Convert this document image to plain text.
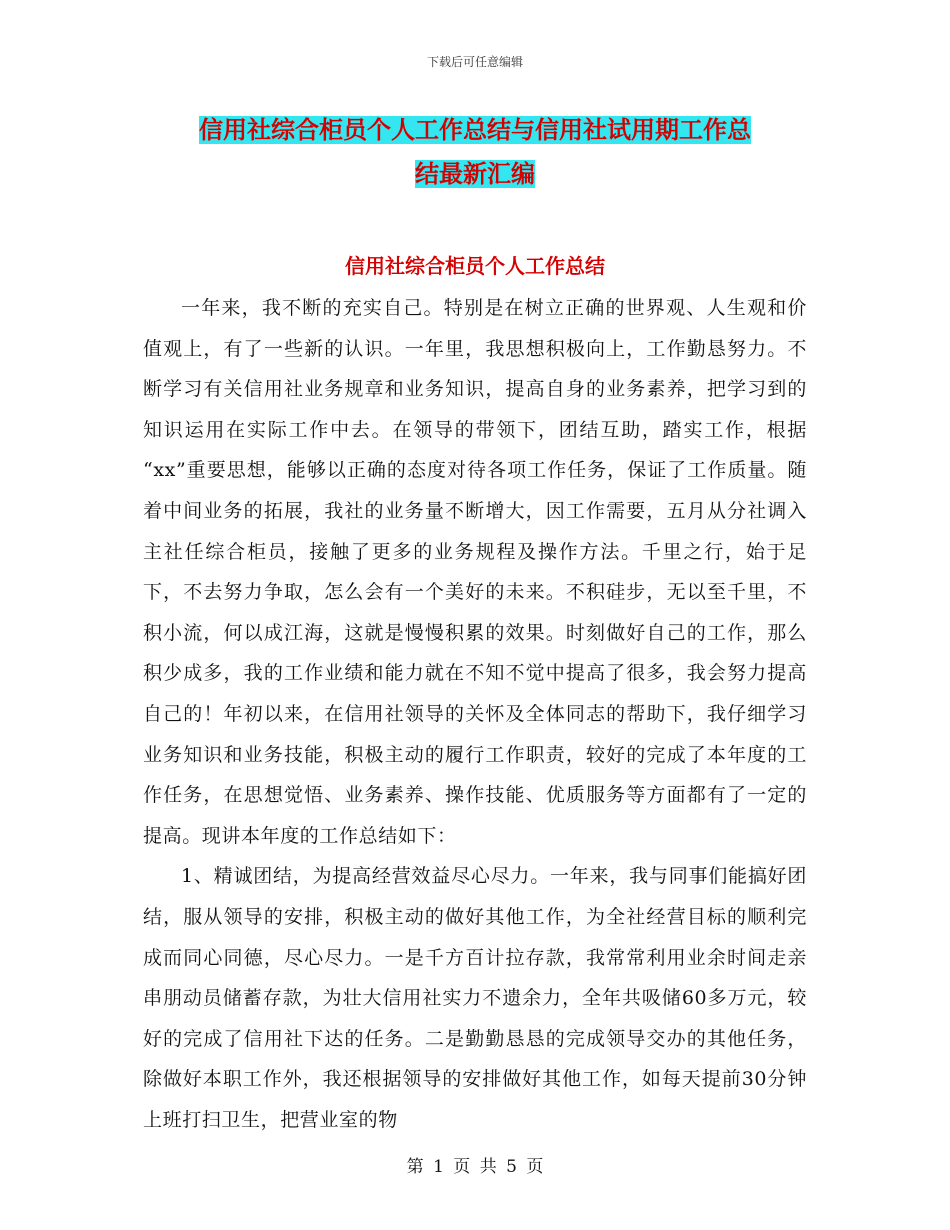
下载后可任意编辑
信用社综合柜员个人工作总结与信用社试用期工作总
结最新汇编
信用社综合柜员个人工作总结

一年来，我不断的充实自己。特别是在树立正确的世界观、人生观和价值观上，有了一些新的认识。一年里，我思想积极向上，工作勤恳努力。不断学习有关信用社业务规章和业务知识，提高自身的业务素养，把学习到的知识运用在实际工作中去。在领导的带领下，团结互助，踏实工作，根据 “xx”重要思想，能够以正确的态度对待各项工作任务，保证了工作质量。随着中间业务的拓展，我社的业务量不断增大，因工作需要，五月从分社调入主社任综合柜员，接触了更多的业务规程及操作方法。千里之行，始于足下，不去努力争取，怎么会有一个美好的未来。不积硅步，无以至千里，不积小流，何以成江海，这就是慢慢积累的效果。时刻做好自己的工作，那么积少成多，我的工作业绩和能力就在不知不觉中提高了很多，我会努力提高自己的！年初以来，在信用社领导的关怀及全体同志的帮助下，我仔细学习业务知识和业务技能，积极主动的履行工作职责，较好的完成了本年度的工作任务，在思想觉悟、业务素养、操作技能、优质服务等方面都有了一定的提高。现讲本年度的工作总结如下：

1、精诚团结，为提高经营效益尽心尽力。一年来，我与同事们能搞好团结，服从领导的安排，积极主动的做好其他工作，为全社经营目标的顺利完成而同心同德，尽心尽力。一是千方百计拉存款，我常常利用业余时间走亲串朋动员储蓄存款，为壮大信用社实力不遗余力，全年共吸储60多万元，较好的完成了信用社下达的任务。二是勤勤恳恳的完成领导交办的其他任务，除做好本职工作外，我还根据领导的安排做好其他工作，如每天提前30分钟上班打扫卫生，把营业室的物

第 1 页 共 5 页
